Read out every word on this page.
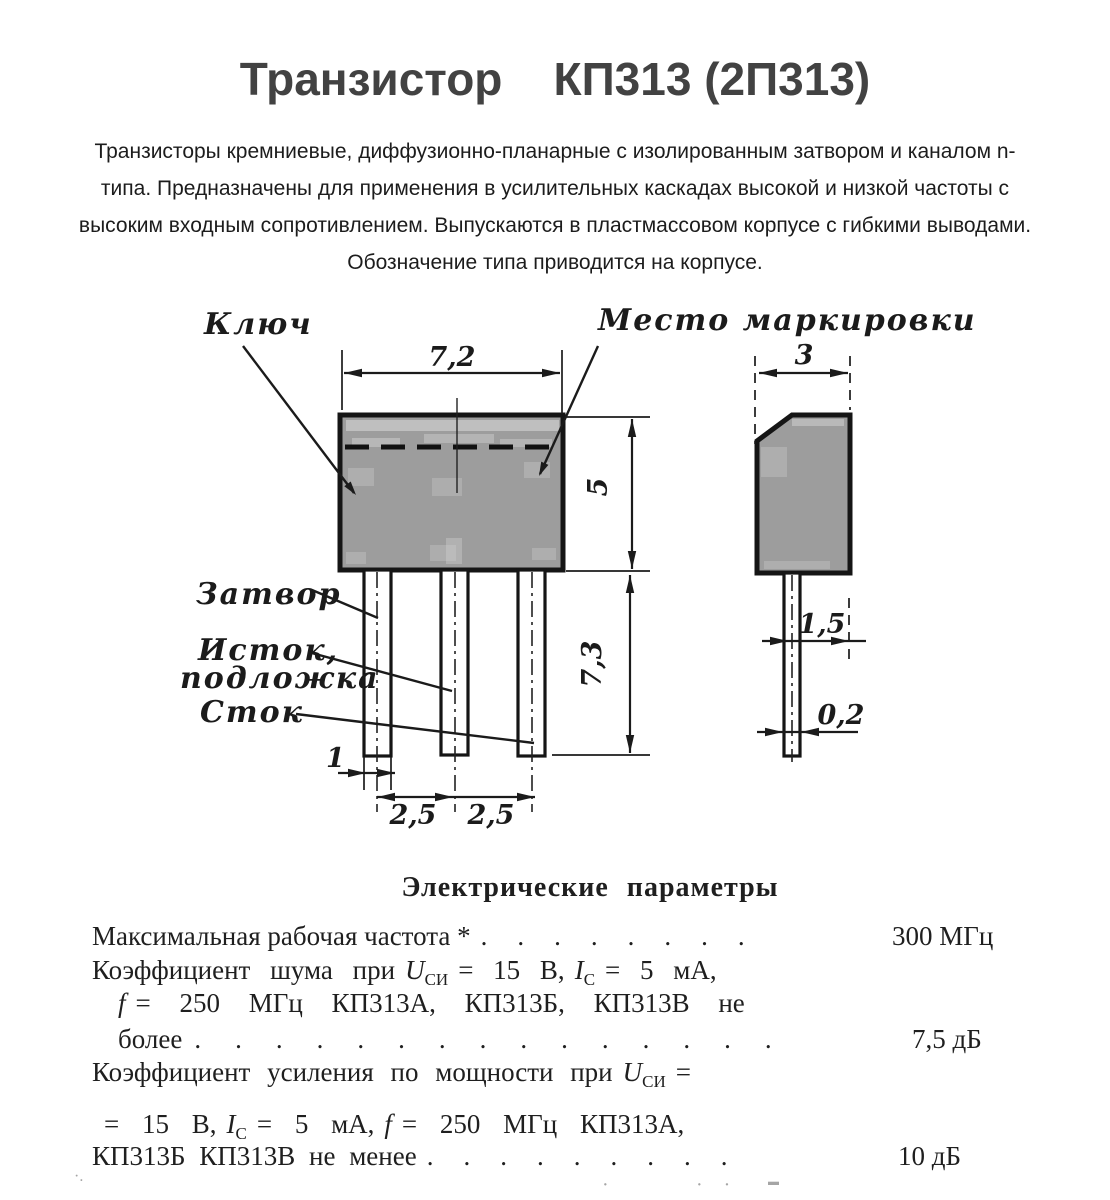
Транзистор    КП313 (2П313)
Транзисторы кремниевые, диффузионно-планарные с изолированным затвором и каналом n-
типа. Предназначены для применения в усилительных каскадах высокой и низкой частоты с
высоким входным сопротивлением. Выпускаются в пластмассовом корпусе с гибкими выводами.
Обозначение типа приводится на корпусе.
7,2	3
5
7,3
1
2,5 2,5
1,5
0,2
Ключ	Место маркировки
Затвор
Исток,
подложка
Сток
Электрические параметры
Максимальная рабочая частота * ........	300 МГц
Коэффициент шума при $U_{СИ} = 15$ В, $I_С = 5$ мА,
f = 250 МГц КП313А, КП313Б, КП313В не
более ...............	7,5 дБ
Коэффициент усиления по мощности при $U_{СИ}$ =
= 15 В, $I_С = 5$ мА, f = 250 МГц КП313А,
КП313Б КП313В не менее .........	10 дБ
·.	·	· ·	▬
